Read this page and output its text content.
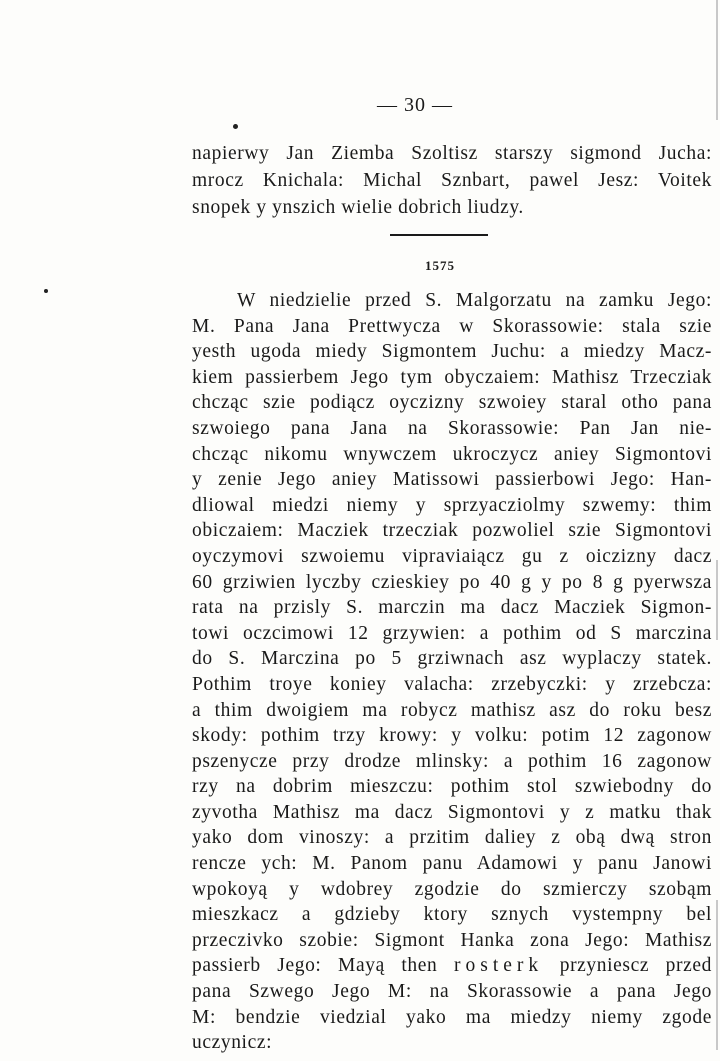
— 30 —
napierwy Jan Ziemba Szoltisz starszy sigmond Jucha:
mrocz Knichala: Michal Sznbart, pawel Jesz: Voitek
snopek y ynszich wielie dobrich liudzy.
1575
W niedzielie przed S. Malgorzatu na zamku Jego:
M. Pana Jana Prettwycza w Skorassowie: stala szie
yesth ugoda miedy Sigmontem Juchu: a miedzy Macz-
kiem passierbem Jego tym obyczaiem: Mathisz Trzecziak
chcząc szie podiącz oyczizny szwoiey staral otho pana
szwoiego pana Jana na Skorassowie: Pan Jan nie-
chcząc nikomu wnywczem ukroczycz aniey Sigmontovi
y zenie Jego aniey Matissowi passierbowi Jego: Han-
dliowal miedzi niemy y sprzyacziolmy szwemy: thim
obiczaiem: Macziek trzecziak pozwoliel szie Sigmontovi
oyczymovi szwoiemu vipraviaiącz gu z oiczizny dacz
60 grziwien lyczby czieskiey po 40 g y po 8 g pyerwsza
rata na przisly S. marczin ma dacz Macziek Sigmon-
towi oczcimowi 12 grzywien: a pothim od S marczina
do S. Marczina po 5 grziwnach asz wyplaczy statek.
Pothim troye koniey valacha: zrzebyczki: y zrzebcza:
a thim dwoigiem ma robycz mathisz asz do roku besz
skody: pothim trzy krowy: y volku: potim 12 zagonow
pszenycze przy drodze mlinsky: a pothim 16 zagonow
rzy na dobrim mieszczu: pothim stol szwiebodny do
zyvotha Mathisz ma dacz Sigmontovi y z matku thak
yako dom vinoszy: a przitim daliey z obą dwą stron
rencze ych: M. Panom panu Adamowi y panu Janowi
wpokoyą y wdobrey zgodzie do szmierczy szobąm
mieszkacz a gdzieby ktory sznych vystempny bel
przeczivko szobie: Sigmont Hanka zona Jego: Mathisz
passierb Jego: Mayą then rosterk przyniescz przed
pana Szwego Jego M: na Skorassowie a pana Jego
M: bendzie viedzial yako ma miedzy niemy zgode
uczynicz:
